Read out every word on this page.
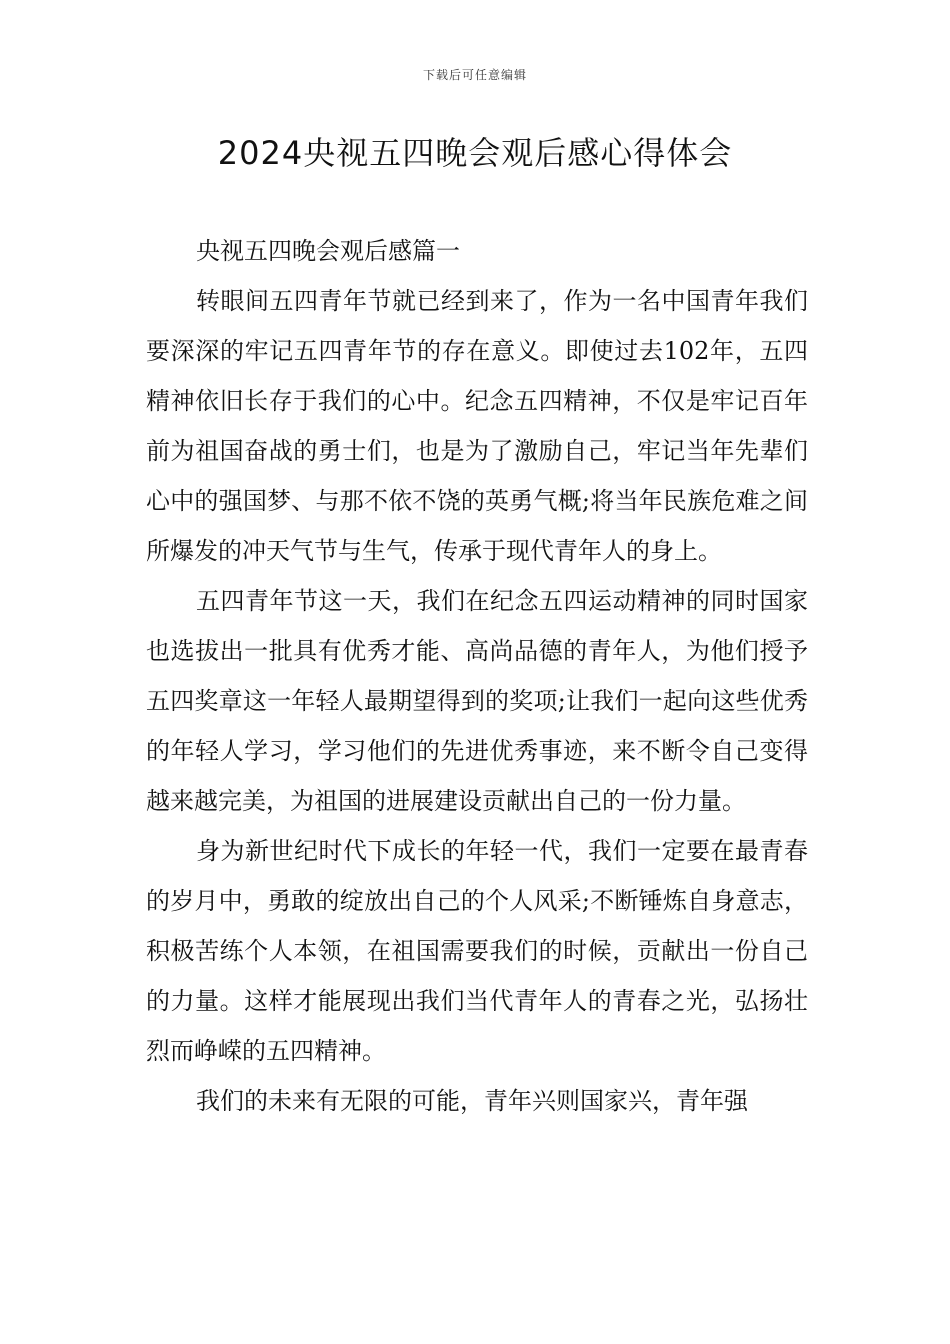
下载后可任意编辑
2024央视五四晚会观后感心得体会

央视五四晚会观后感篇一

转眼间五四青年节就已经到来了，作为一名中国青年我们要深深的牢记五四青年节的存在意义。即使过去102年，五四精神依旧长存于我们的心中。纪念五四精神，不仅是牢记百年前为祖国奋战的勇士们，也是为了激励自己，牢记当年先辈们心中的强国梦、与那不依不饶的英勇气概;将当年民族危难之间所爆发的冲天气节与生气，传承于现代青年人的身上。

五四青年节这一天，我们在纪念五四运动精神的同时国家也选拔出一批具有优秀才能、高尚品德的青年人，为他们授予五四奖章这一年轻人最期望得到的奖项;让我们一起向这些优秀的年轻人学习，学习他们的先进优秀事迹，来不断令自己变得越来越完美，为祖国的进展建设贡献出自己的一份力量。

身为新世纪时代下成长的年轻一代，我们一定要在最青春的岁月中，勇敢的绽放出自己的个人风采;不断锤炼自身意志，积极苦练个人本领，在祖国需要我们的时候，贡献出一份自己的力量。这样才能展现出我们当代青年人的青春之光，弘扬壮烈而峥嵘的五四精神。

我们的未来有无限的可能，青年兴则国家兴，青年强
